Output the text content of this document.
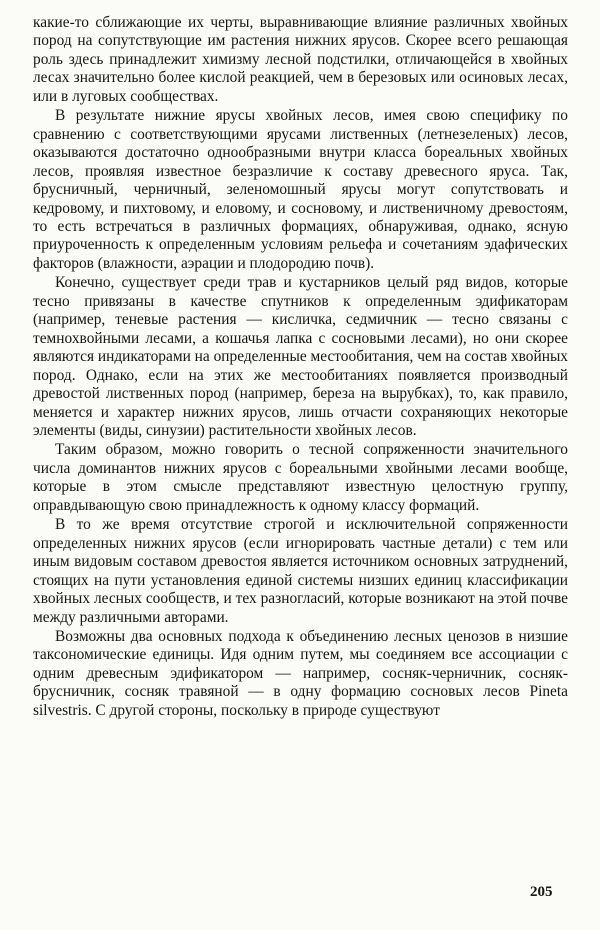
какие-то сближающие их черты, выравнивающие влияние различных хвойных пород на сопутствующие им растения нижних ярусов. Скорее всего решающая роль здесь принадлежит химизму лесной подстилки, отличающейся в хвойных лесах значительно более кислой реакцией, чем в березовых или осиновых лесах, или в луговых сообществах.

В результате нижние ярусы хвойных лесов, имея свою специфику по сравнению с соответствующими ярусами лиственных (летнезеленых) лесов, оказываются достаточно однообразными внутри класса бореальных хвойных лесов, проявляя известное безразличие к составу древесного яруса. Так, брусничный, черничный, зеленомошный ярусы могут сопутствовать и кедровому, и пихтовому, и еловому, и сосновому, и лиственичному древостоям, то есть встречаться в различных формациях, обнаруживая, однако, ясную приуроченность к определенным условиям рельефа и сочетаниям эдафических факторов (влажности, аэрации и плодородию почв).

Конечно, существует среди трав и кустарников целый ряд видов, которые тесно привязаны в качестве спутников к определенным эдификаторам (например, теневые растения — кисличка, седмичник — тесно связаны с темнохвойными лесами, а кошачья лапка с сосновыми лесами), но они скорее являются индикаторами на определенные местообитания, чем на состав хвойных пород. Однако, если на этих же местообитаниях появляется производный древостой лиственных пород (например, береза на вырубках), то, как правило, меняется и характер нижних ярусов, лишь отчасти сохраняющих некоторые элементы (виды, синузии) растительности хвойных лесов.

Таким образом, можно говорить о тесной сопряженности значительного числа доминантов нижних ярусов с бореальными хвойными лесами вообще, которые в этом смысле представляют известную целостную группу, оправдывающую свою принадлежность к одному классу формаций.

В то же время отсутствие строгой и исключительной сопряженности определенных нижних ярусов (если игнорировать частные детали) с тем или иным видовым составом древостоя является источником основных затруднений, стоящих на пути установления единой системы низших единиц классификации хвойных лесных сообществ, и тех разногласий, которые возникают на этой почве между различными авторами.

Возможны два основных подхода к объединению лесных ценозов в низшие таксономические единицы. Идя одним путем, мы соединяем все ассоциации с одним древесным эдификатором — например, сосняк-черничник, сосняк-брусничник, сосняк травяной — в одну формацию сосновых лесов Pineta silvestris. С другой стороны, поскольку в природе существуют

205
